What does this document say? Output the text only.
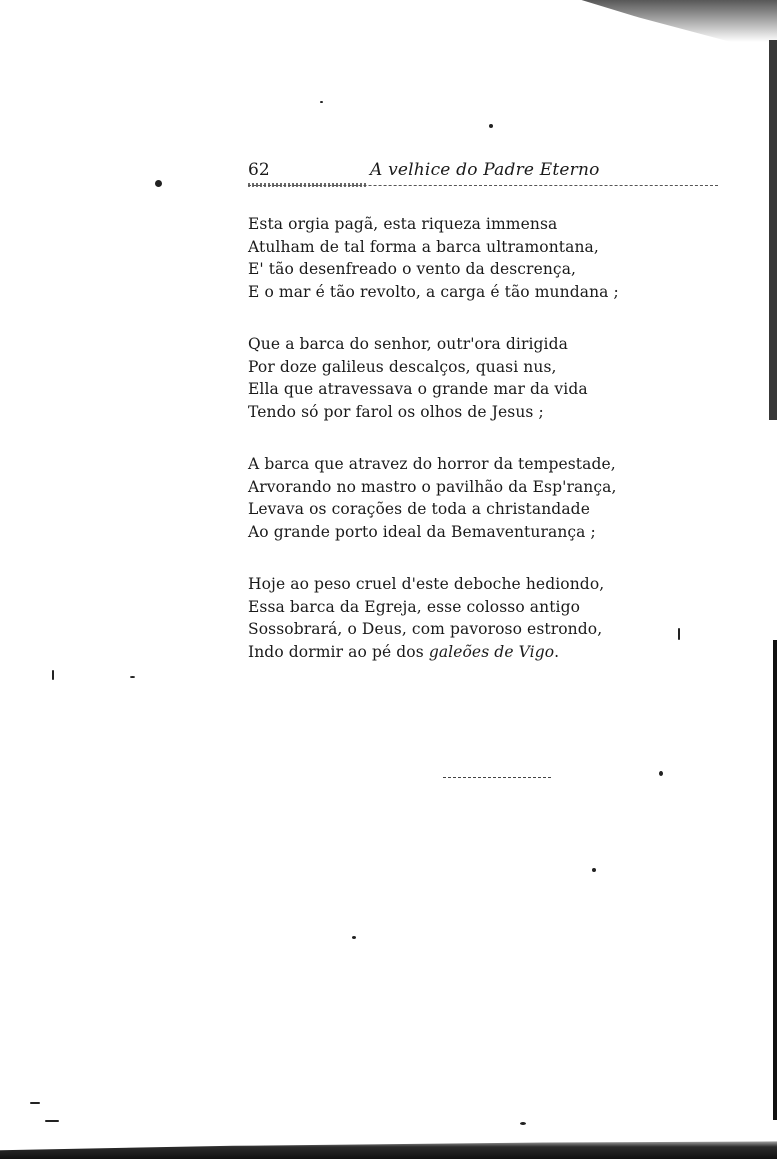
62	A velhice do Padre Eterno
Esta orgia pagã, esta riqueza immensa
Atulham de tal forma a barca ultramontana,
E' tão desenfreado o vento da descrença,
E o mar é tão revolto, a carga é tão mundana ;
Que a barca do senhor, outr'ora dirigida
Por doze galileus descalços, quasi nus,
Ella que atravessava o grande mar da vida
Tendo só por farol os olhos de Jesus ;
A barca que atravez do horror da tempestade,
Arvorando no mastro o pavilhão da Esp'rança,
Levava os corações de toda a christandade
Ao grande porto ideal da Bemaventurança ;
Hoje ao peso cruel d'este deboche hediondo,
Essa barca da Egreja, esse colosso antigo
Sossobrará, o Deus, com pavoroso estrondo,
Indo dormir ao pé dos galeões de Vigo.
